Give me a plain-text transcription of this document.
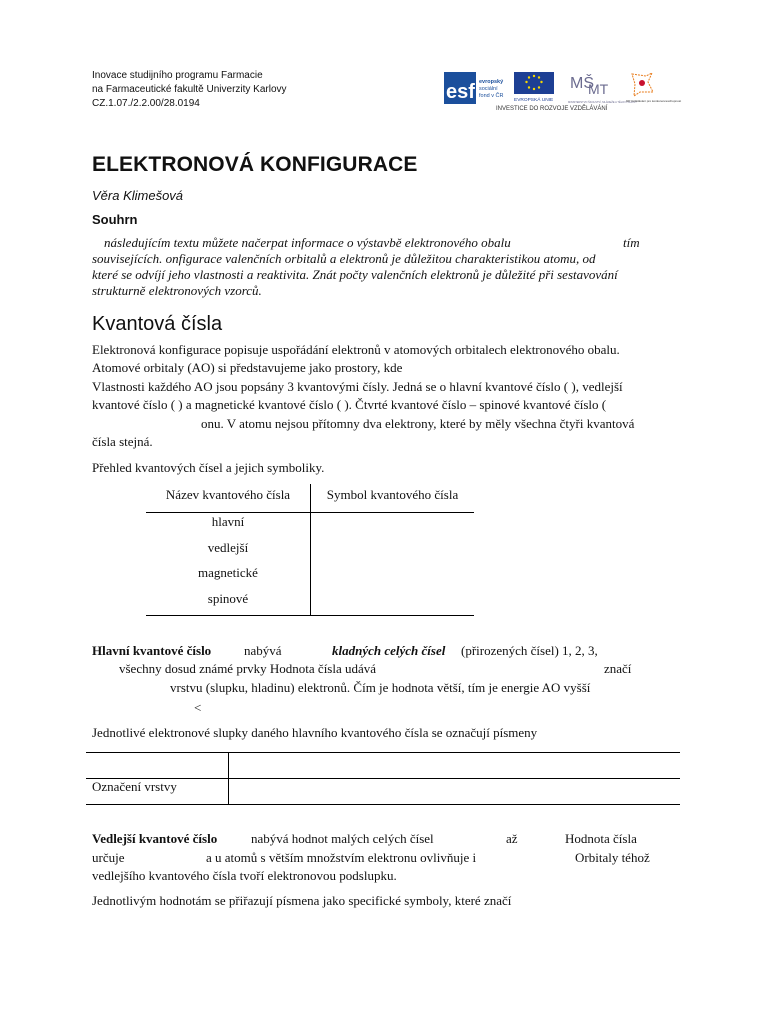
Inovace studijního programu Farmacie
na Farmaceutické fakultě Univerzity Karlovy
CZ.1.07./2.2.00/28.0194
esf evropský
sociální
fond v ČR
EVROPSKÁ UNIE
MŠ
MT
MINISTERSTVO ŠKOLSTVÍ, MLÁDEŽE A TĚLOVÝCHOVY
OP Vzdělávání pro konkurenceschopnost
INVESTICE DO ROZVOJE VZDĚLÁVÁNÍ
ELEKTRONOVÁ KONFIGURACE
Věra Klimešová
Souhrn
následujícím textu můžete načerpat informace o výstavbě elektronového obalu	tím
souvisejících. onfigurace valenčních orbitalů a elektronů je důležitou charakteristikou atomu, od
které se odvíjí jeho vlastnosti a reaktivita. Znát počty valenčních elektronů je důležité při sestavování
strukturně elektronových vzorců.
Kvantová čísla
Elektronová konfigurace popisuje uspořádání elektronů v atomových orbitalech elektronového obalu.
Atomové orbitaly (AO) si představujeme jako prostory, kde
Vlastnosti každého AO jsou popsány 3 kvantovými čísly. Jedná se o hlavní kvantové číslo ( ), vedlejší
kvantové číslo ( ) a magnetické kvantové číslo ( ). Čtvrté kvantové číslo – spinové kvantové číslo (
onu. V atomu nejsou přítomny dva elektrony, které by měly všechna čtyři kvantová
čísla stejná.
Přehled kvantových čísel a jejich symboliky.
Název kvantového čísla	Symbol kvantového čísla
hlavní
vedlejší
magnetické
spinové
Hlavní kvantové číslo	nabývá	kladných celých čísel (přirozených čísel) 1, 2, 3,
všechny dosud známé prvky Hodnota čísla udává	značí
vrstvu (slupku, hladinu) elektronů. Čím je hodnota větší, tím je energie AO vyšší
<
Jednotlivé elektronové slupky daného hlavního kvantového čísla se označují písmeny
Označení vrstvy
Vedlejší kvantové číslo	nabývá hodnot malých celých čísel	až	Hodnota čísla
určuje	a u atomů s větším množstvím elektronu ovlivňuje i	Orbitaly téhož
vedlejšího kvantového čísla tvoří elektronovou podslupku.
Jednotlivým hodnotám se přiřazují písmena jako specifické symboly, které značí
